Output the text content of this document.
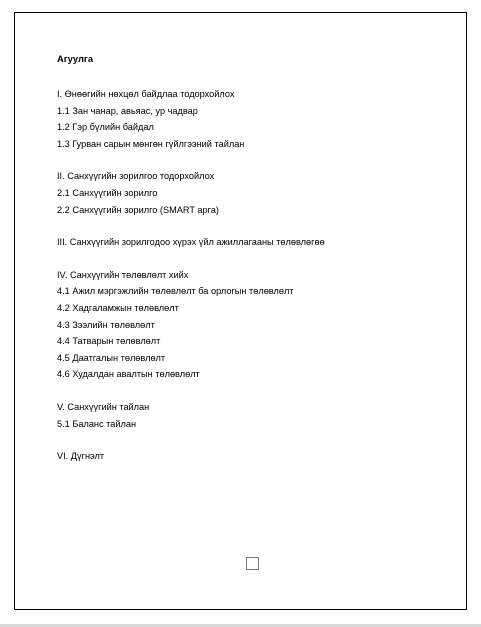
Агуулга
I. Өнөөгийн нөхцөл байдлаа тодорхойлох
1.1 Зан чанар, авьяас, ур чадвар
1.2 Гэр бүлийн байдал
1.3 Гурван сарын мөнгөн гүйлгээний тайлан
II. Санхүүгийн зорилгоо тодорхойлох
2.1 Санхүүгийн зорилго
2.2 Санхүүгийн зорилго (SMART арга)
III. Санхүүгийн зорилгодоо хүрэх үйл ажиллагааны төлөвлөгөө
IV. Санхүүгийн төлөвлөлт хийх
4.1 Ажил мэргэжлийн төлөвлөлт ба орлогын төлөвлөлт
4.2 Хадгаламжын төлөвлөлт
4.3 Зээлийн төлөвлөлт
4.4 Татварын төлөвлөлт
4.5 Даатгалын төлөвлөлт
4.6 Худалдан авалтын төлөвлөлт
V. Санхүүгийн тайлан
5.1 Баланс тайлан
VI. Дүгнэлт
